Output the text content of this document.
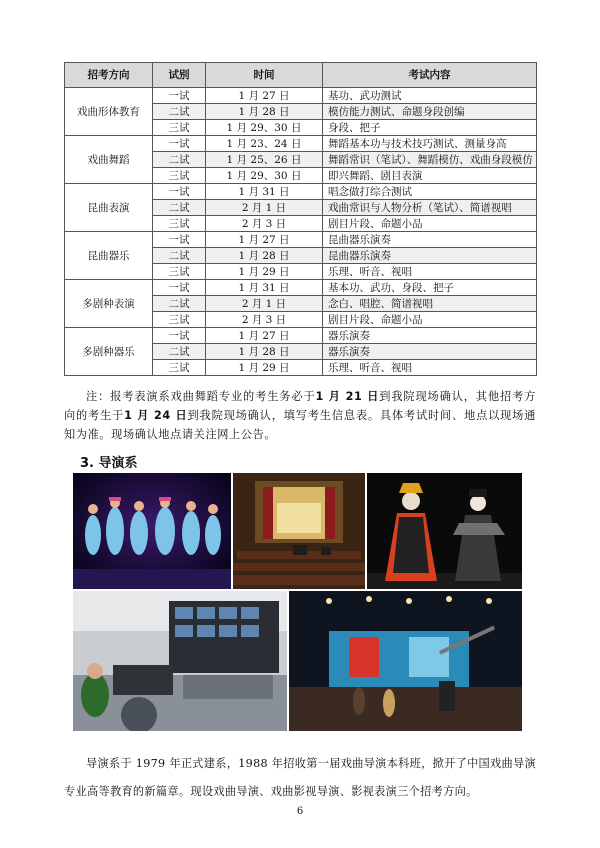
招考方向	试别	时间	考试内容
戏曲形体教育	一试	1 月 27 日	基功、武功测试
	二试	1 月 28 日	模仿能力测试、命题身段创编
	三试	1 月 29、30 日	身段、把子
戏曲舞蹈	一试	1 月 23、24 日	舞蹈基本功与技术技巧测试、测量身高
	二试	1 月 25、26 日	舞蹈常识（笔试）、舞蹈模仿、戏曲身段模仿
	三试	1 月 29、30 日	即兴舞蹈、剧目表演
昆曲表演	一试	1 月 31 日	唱念做打综合测试
	二试	2 月 1 日	戏曲常识与人物分析（笔试）、简谱视唱
	三试	2 月 3 日	剧目片段、命题小品
昆曲器乐	一试	1 月 27 日	昆曲器乐演奏
	二试	1 月 28 日	昆曲器乐演奏
	三试	1 月 29 日	乐理、听音、视唱
多剧种表演	一试	1 月 31 日	基本功、武功、身段、把子
	二试	2 月 1 日	念白、唱腔、简谱视唱
	三试	2 月 3 日	剧目片段、命题小品
多剧种器乐	一试	1 月 27 日	器乐演奏
	二试	1 月 28 日	器乐演奏
	三试	1 月 29 日	乐理、听音、视唱
注：报考表演系戏曲舞蹈专业的考生务必于1 月 21 日到我院现场确认，其他招考方向的考生于1 月 24 日到我院现场确认，填写考生信息表。具体考试时间、地点以现场通知为准。现场确认地点请关注网上公告。
3. 导演系
导演系于 1979 年正式建系，1988 年招收第一届戏曲导演本科班，掀开了中国戏曲导演专业高等教育的新篇章。现设戏曲导演、戏曲影视导演、影视表演三个招考方向。
6
